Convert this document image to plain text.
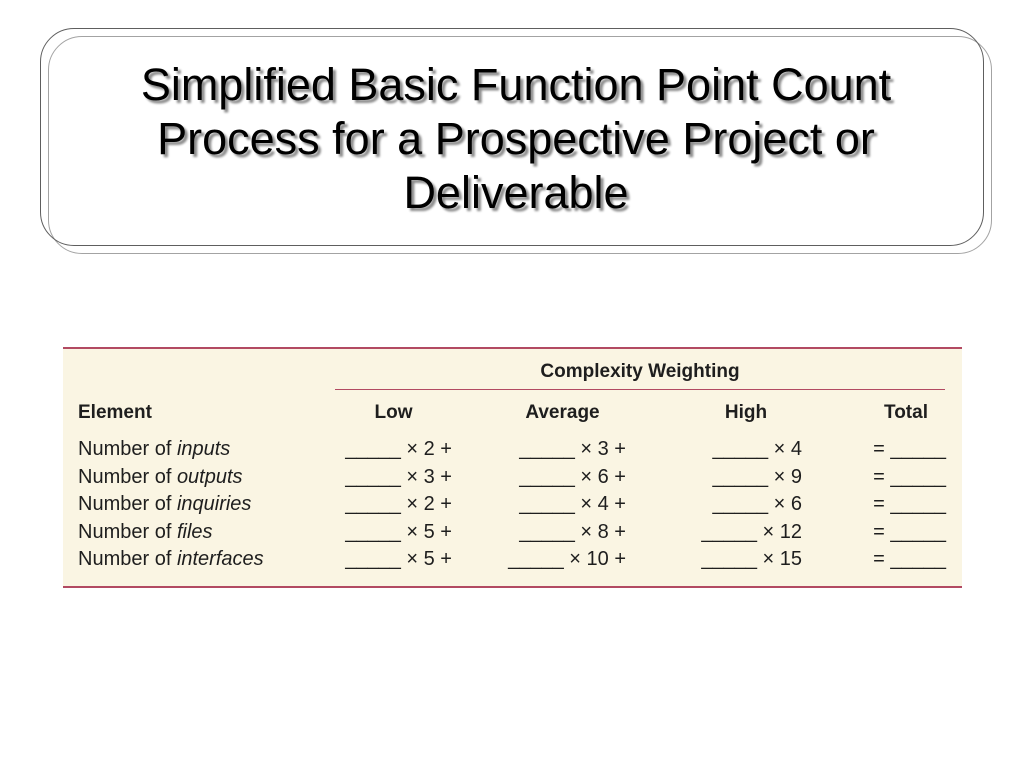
Simplified Basic Function Point Count
Process for a Prospective Project or
Deliverable
Complexity Weighting
Element	Low	Average	High	Total
Number of inputs	_____ × 2 +	_____ × 3 +	_____ × 4	= _____
Number of outputs	_____ × 3 +	_____ × 6 +	_____ × 9	= _____
Number of inquiries	_____ × 2 +	_____ × 4 +	_____ × 6	= _____
Number of files	_____ × 5 +	_____ × 8 +	_____ × 12	= _____
Number of interfaces	_____ × 5 +	_____ × 10 +	_____ × 15	= _____
